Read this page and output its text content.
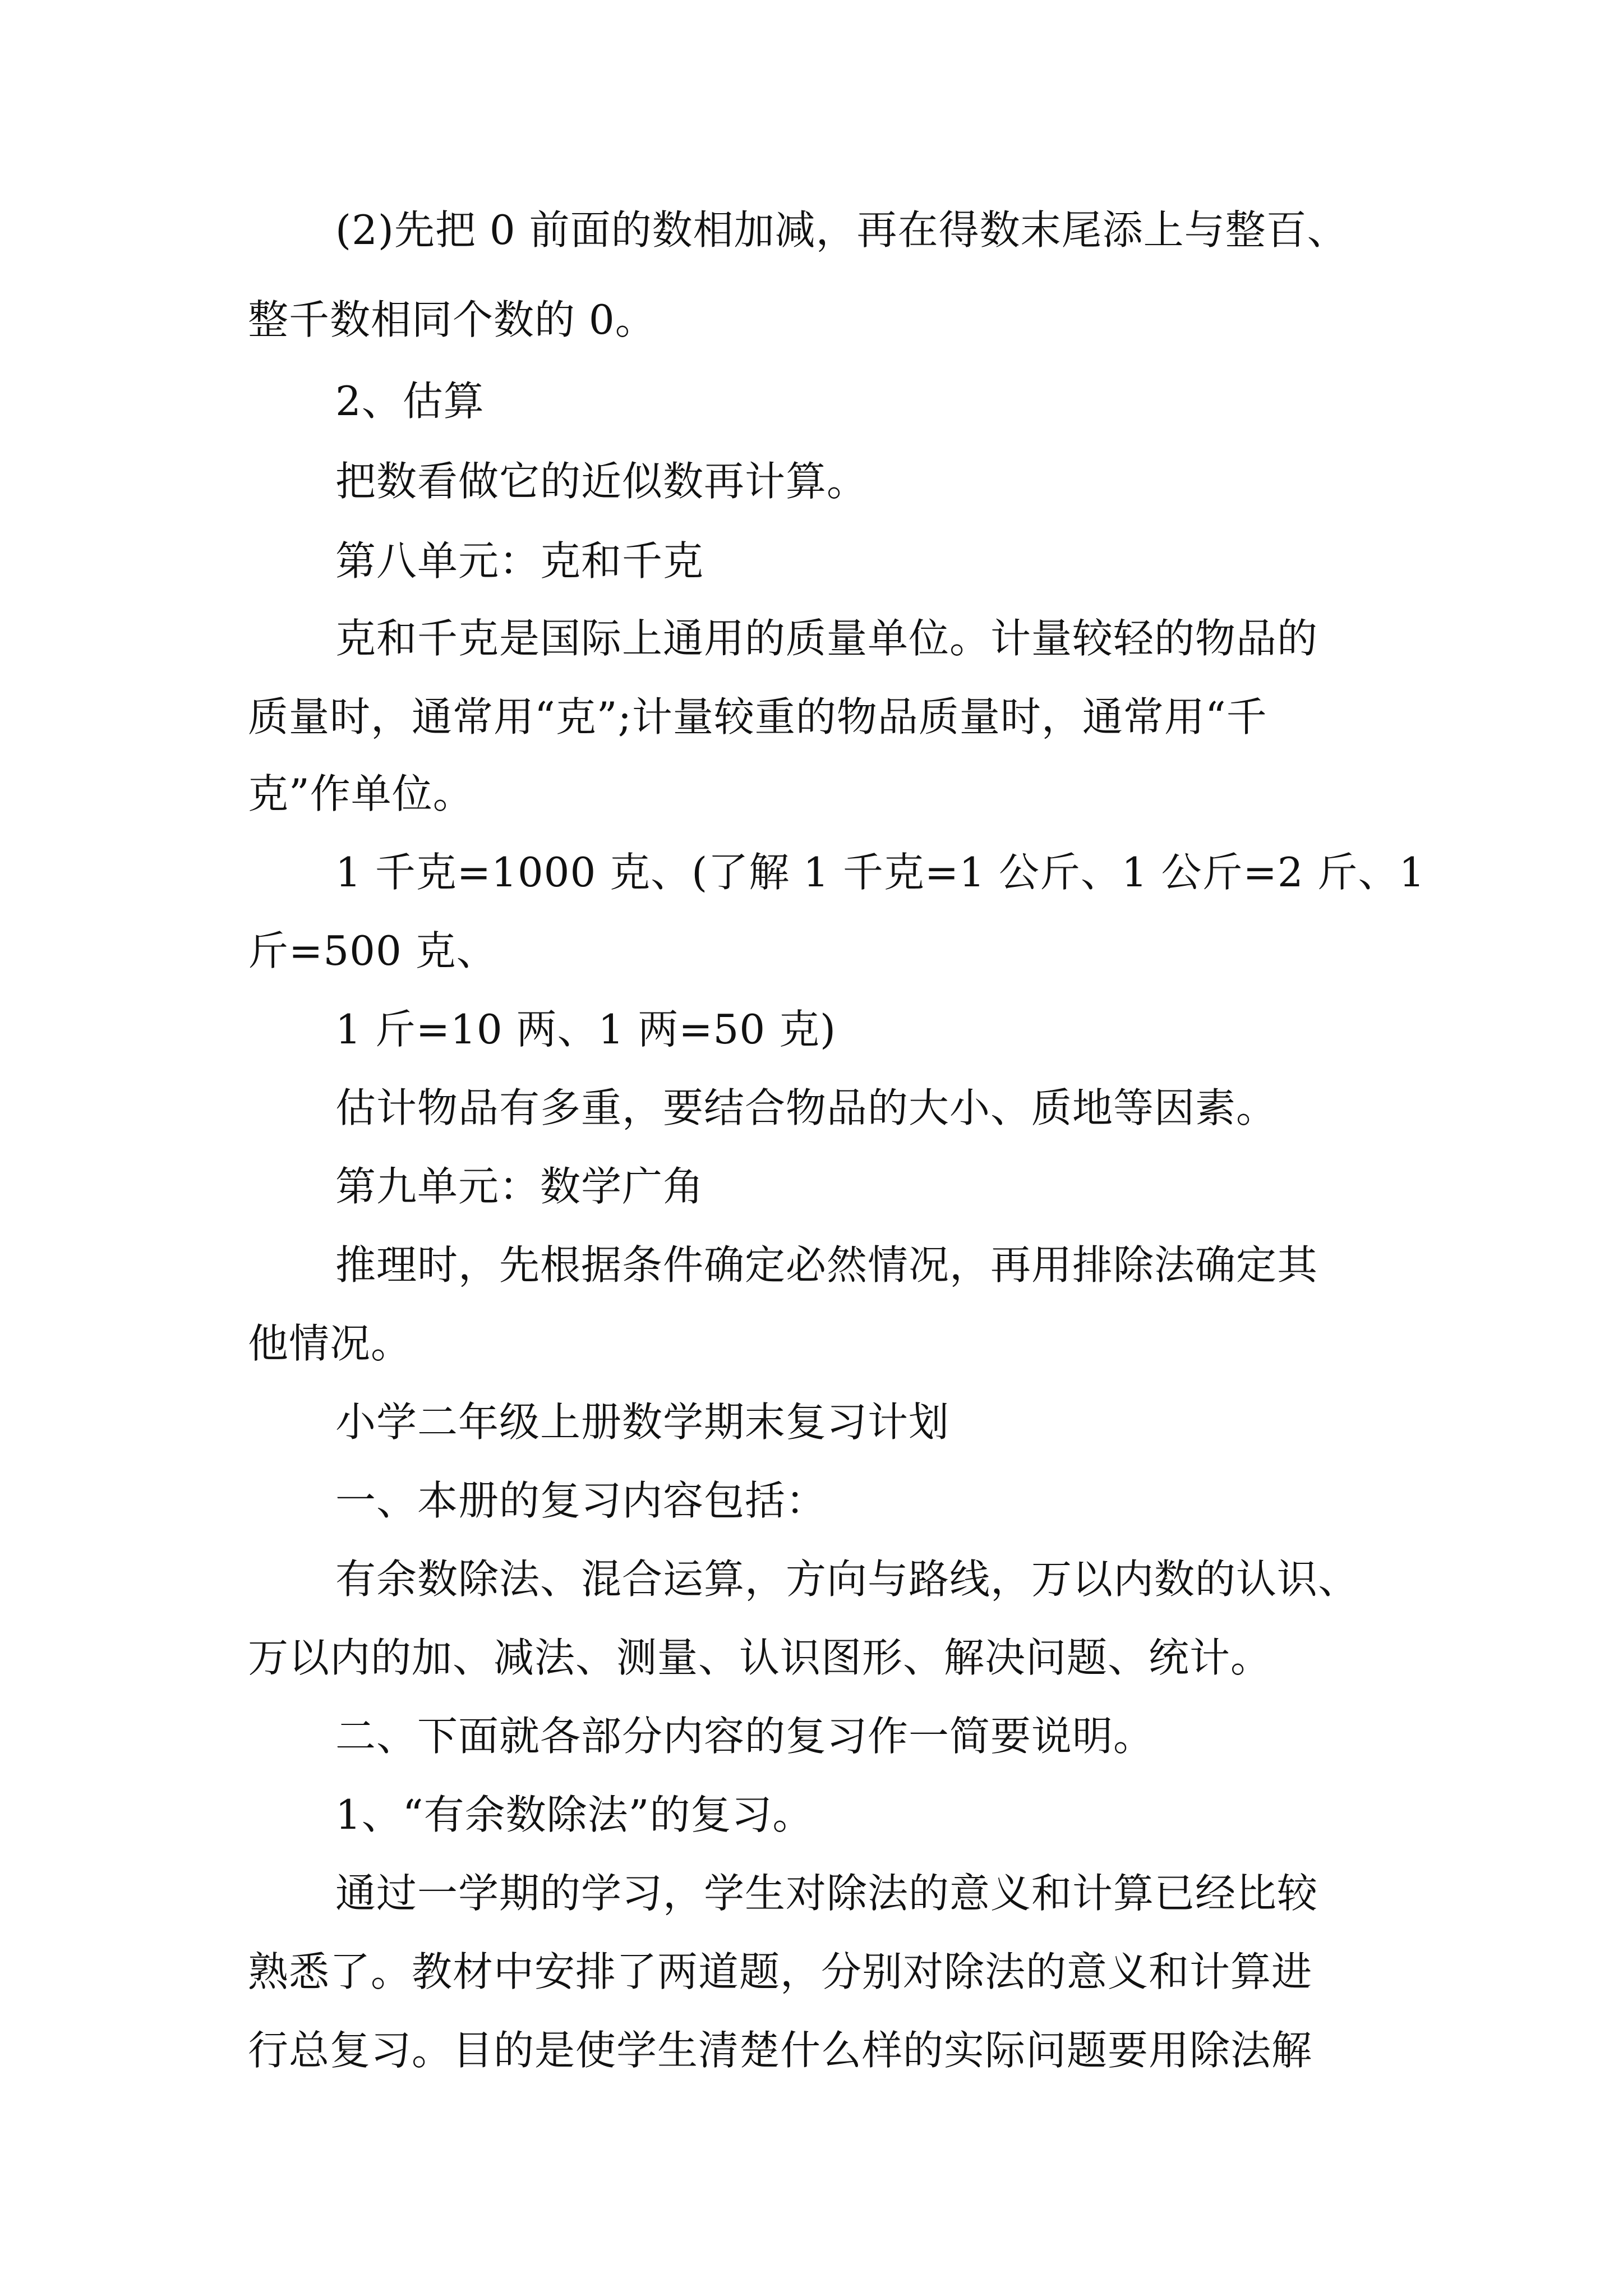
(2)先把 0 前面的数相加减，再在得数末尾添上与整百、

整千数相同个数的 0。

2、估算

把数看做它的近似数再计算。

第八单元：克和千克

克和千克是国际上通用的质量单位。计量较轻的物品的

质量时，通常用“克”;计量较重的物品质量时，通常用“千

克”作单位。

1 千克=1000 克、(了解 1 千克=1 公斤、1 公斤=2 斤、1

斤=500 克、

1 斤=10 两、1 两=50 克)

估计物品有多重，要结合物品的大小、质地等因素。

第九单元：数学广角

推理时，先根据条件确定必然情况，再用排除法确定其

他情况。

小学二年级上册数学期末复习计划

一、本册的复习内容包括：

有余数除法、混合运算，方向与路线，万以内数的认识、

万以内的加、减法、测量、认识图形、解决问题、统计。

二、下面就各部分内容的复习作一简要说明。

1、“有余数除法”的复习。

通过一学期的学习，学生对除法的意义和计算已经比较

熟悉了。教材中安排了两道题，分别对除法的意义和计算进

行总复习。目的是使学生清楚什么样的实际问题要用除法解
